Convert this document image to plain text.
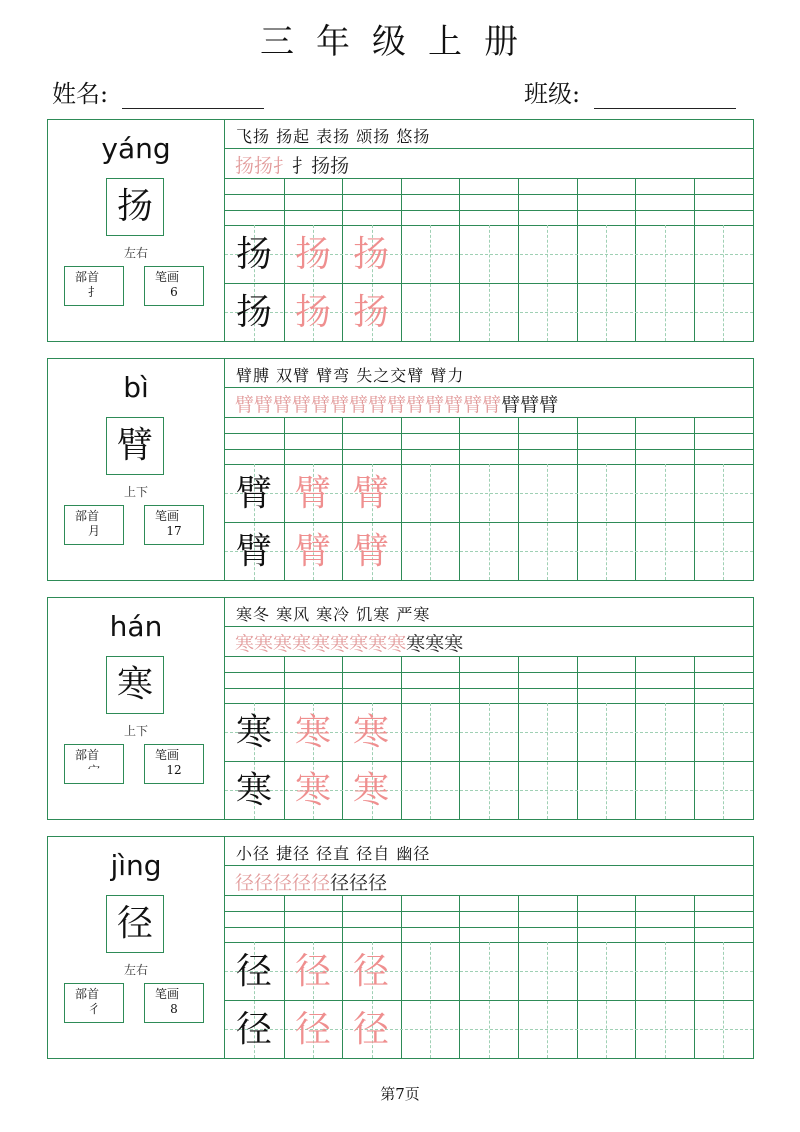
三年级上册
姓名:	班级:
yáng
扬
左右
部首
扌
笔画
6
飞扬 扬起 表扬 颂扬 悠扬
扬扬扌扌扬扬
扬 扬 扬
扬 扬 扬
bì
臂
上下
部首
月
笔画
17
臂膊 双臂 臂弯 失之交臂 臂力
臂臂臂臂臂臂臂臂臂臂臂臂臂臂臂臂臂
臂 臂 臂
臂 臂 臂
hán
寒
上下
部首
宀
笔画
12
寒冬 寒风 寒冷 饥寒 严寒
寒寒寒寒寒寒寒寒寒寒寒寒
寒 寒 寒
寒 寒 寒
jìng
径
左右
部首
彳
笔画
8
小径 捷径 径直 径自 幽径
径径径径径径径径
径 径 径
径 径 径
第7页
